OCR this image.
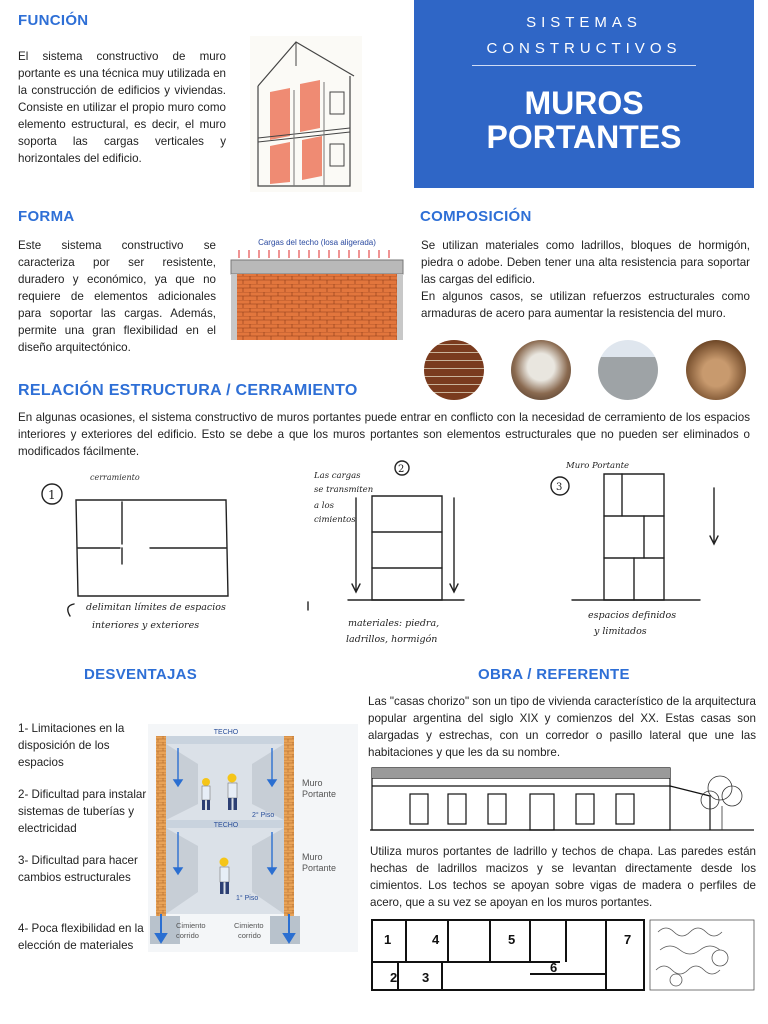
FUNCIÓN
El sistema constructivo de muro portante es una técnica muy utilizada en la construcción de edificios y viviendas. Consiste en utilizar el propio muro como elemento estructural, es decir, el muro soporta las cargas verticales y horizontales del edificio.
SISTEMAS
CONSTRUCTIVOS
MUROS
PORTANTES
FORMA
Este sistema constructivo se caracteriza por ser resistente, duradero y económico, ya que no requiere de elementos adicionales para soportar las cargas. Además, permite una gran flexibilidad en el diseño arquitectónico.
Cargas del techo (losa aligerada)
COMPOSICIÓN
Se utilizan materiales como ladrillos, bloques de hormigón, piedra o adobe. Deben tener una alta resistencia para soportar las cargas del edificio.
En algunos casos, se utilizan refuerzos estructurales como armaduras de acero para aumentar la resistencia del muro.
RELACIÓN ESTRUCTURA / CERRAMIENTO
En algunas ocasiones, el sistema constructivo de muros portantes puede entrar en conflicto con la necesidad de cerramiento de los espacios interiores y exteriores del edificio. Esto se debe a que los muros portantes son elementos estructurales que no pueden ser eliminados o modificados fácilmente.
1
cerramiento
delimitan límites de espacios
interiores y exteriores
2
Las cargas
se transmiten
a los
cimientos
materiales: piedra,
ladrillos, hormigón
3
Muro Portante
espacios definidos
y limitados
DESVENTAJAS
1- Limitaciones en la disposición de los espacios
2- Dificultad para instalar sistemas de tuberías y electricidad
3- Dificultad para hacer cambios estructurales
4- Poca flexibilidad en la elección de materiales
TECHO
TECHO
2° Piso
1° Piso
Muro
Portante
Muro
Portante
Cimiento
corrido
Cimiento
corrido
OBRA / REFERENTE
Las "casas chorizo" son un tipo de vivienda característico de la arquitectura popular argentina del siglo XIX y comienzos del XX. Estas casas son alargadas y estrechas, con un corredor o pasillo lateral que une las habitaciones y que les da su nombre.
Utiliza muros portantes de ladrillo y techos de chapa. Las paredes están hechas de ladrillos macizos y se levantan directamente desde los cimientos. Los techos se apoyan sobre vigas de madera o perfiles de acero, que a su vez se apoyan en los muros portantes.
1	4	5	7
2 3
6
